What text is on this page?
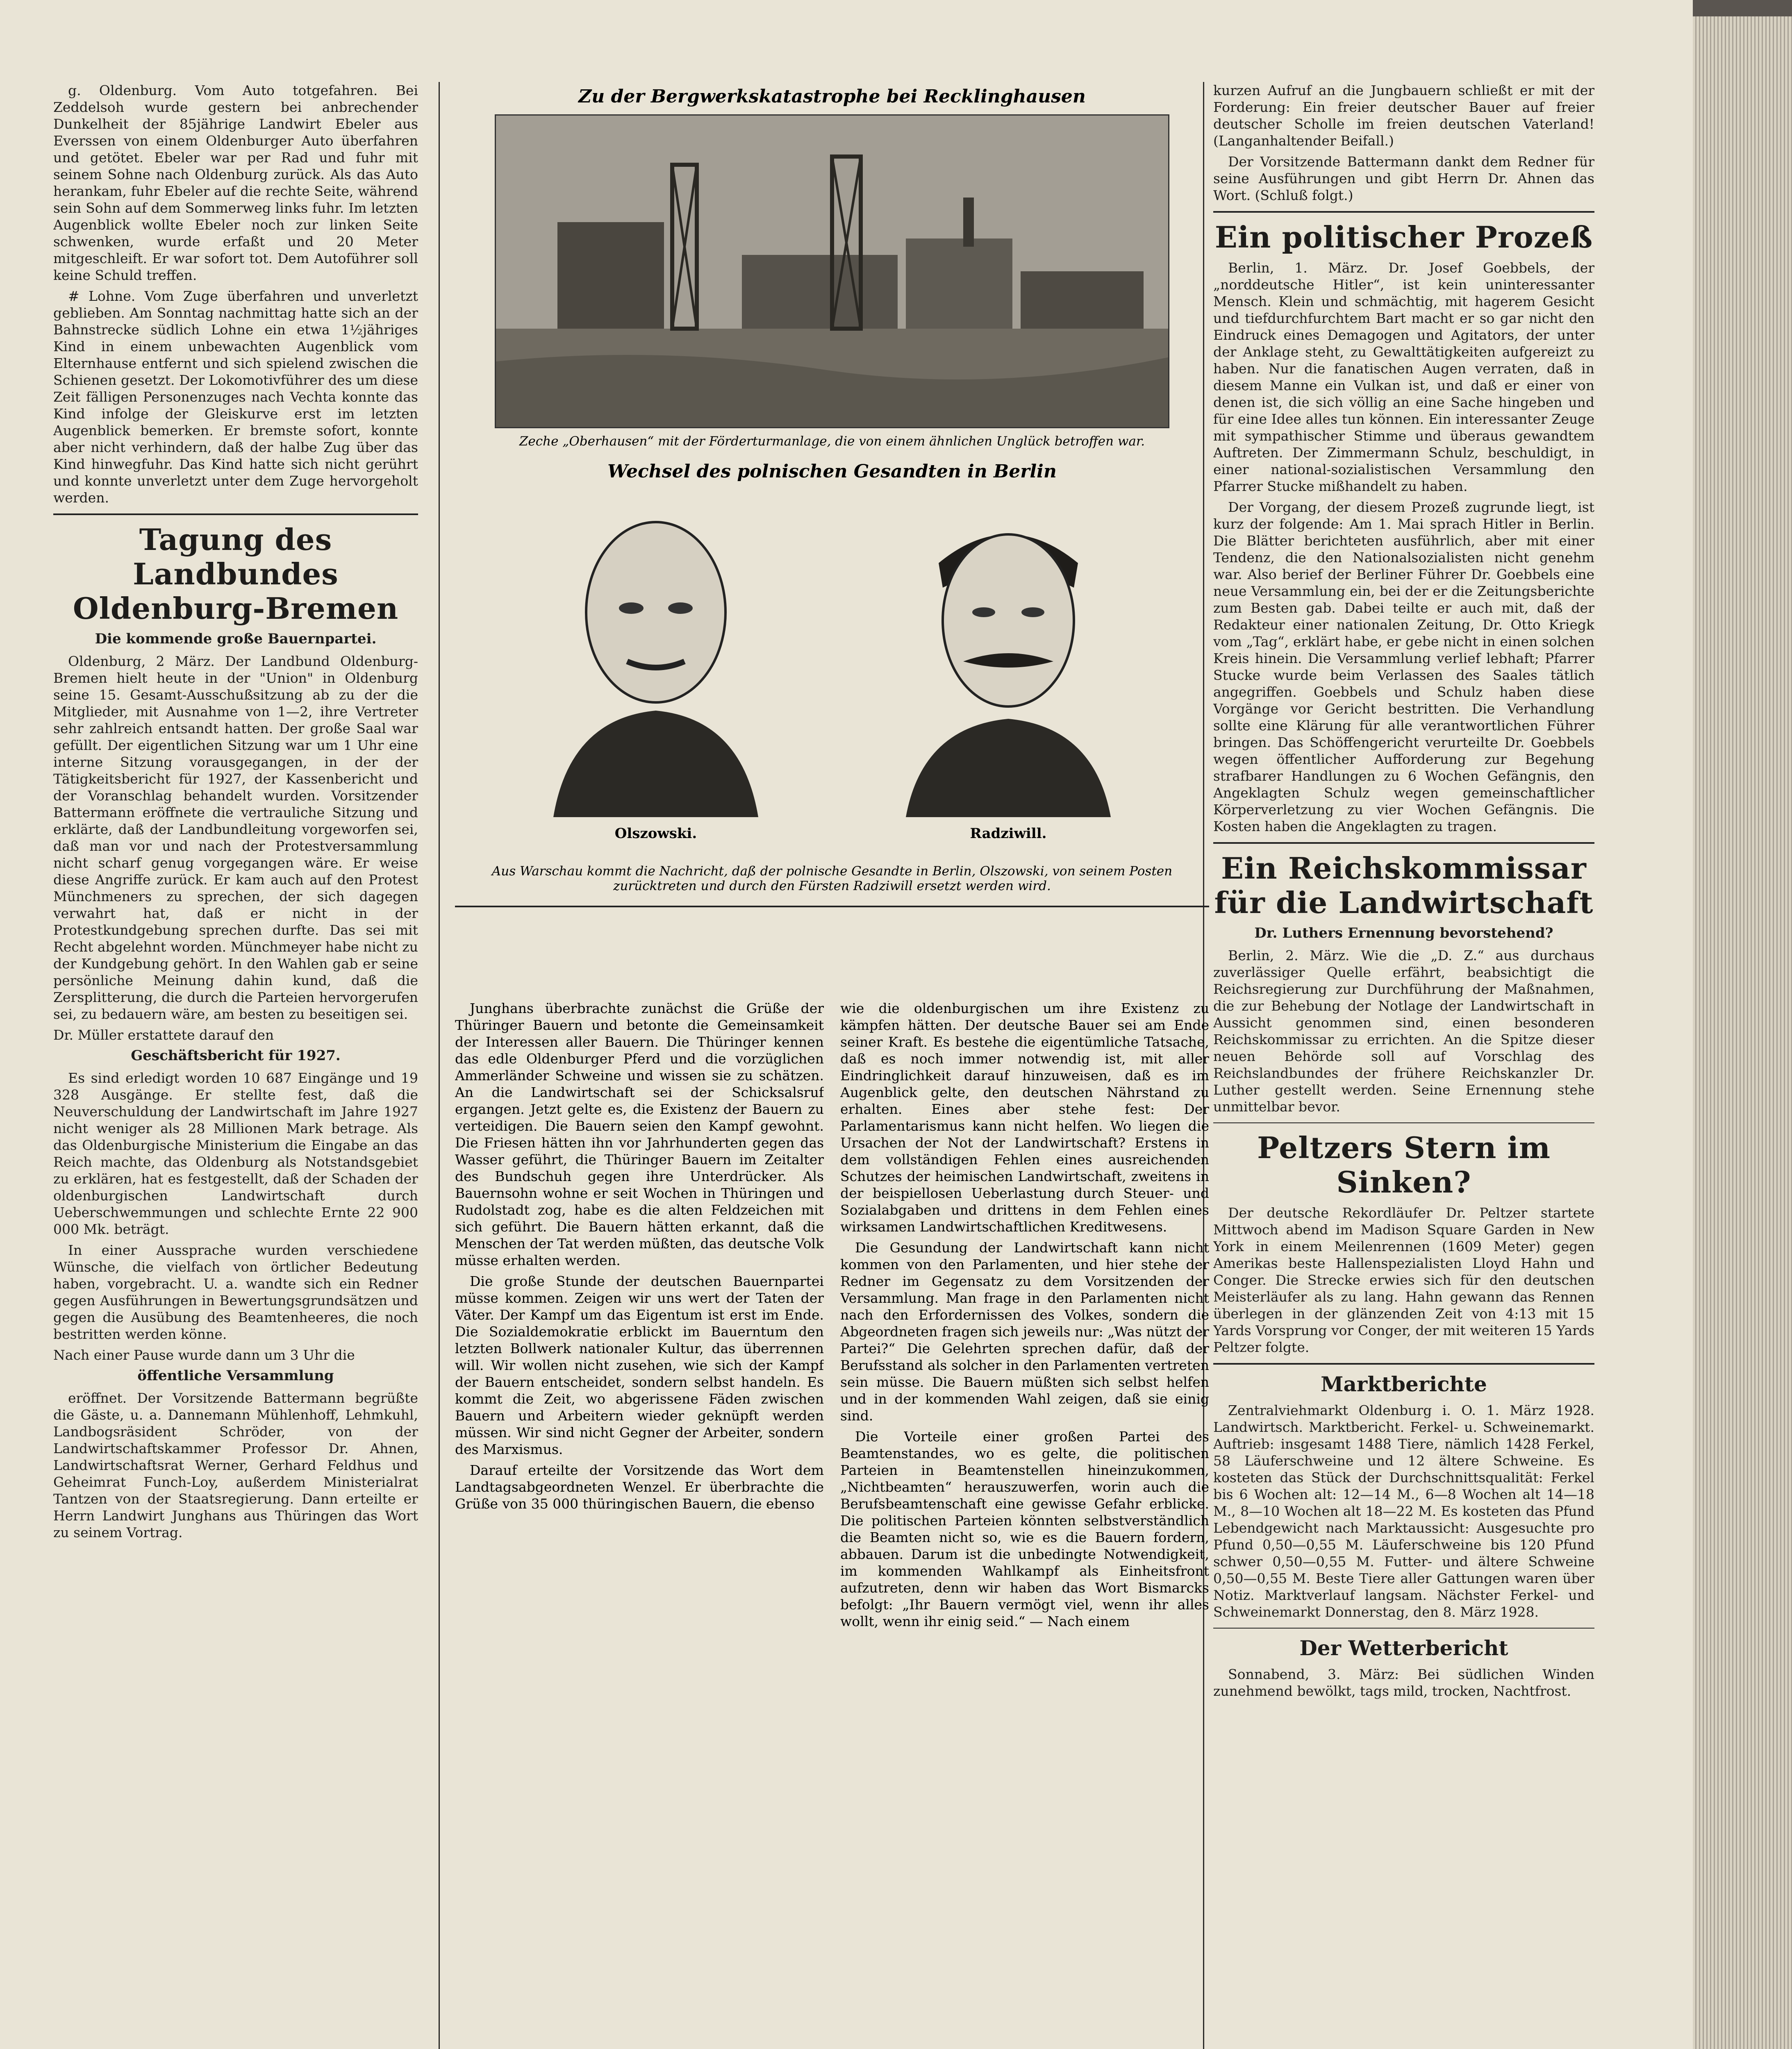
g. Oldenburg. Vom Auto totgefahren. Bei Zeddelsoh wurde gestern bei anbrechender Dunkelheit der 85jährige Landwirt Ebeler aus Everssen von einem Oldenburger Auto überfahren und getötet. Ebeler war per Rad und fuhr mit seinem Sohne nach Oldenburg zurück. Als das Auto herankam, fuhr Ebeler auf die rechte Seite, während sein Sohn auf dem Sommerweg links fuhr. Im letzten Augenblick wollte Ebeler noch zur linken Seite schwenken, wurde erfaßt und 20 Meter mitgeschleift. Er war sofort tot. Dem Autoführer soll keine Schuld treffen.

# Lohne. Vom Zuge überfahren und unverletzt geblieben. Am Sonntag nachmittag hatte sich an der Bahnstrecke südlich Lohne ein etwa 1½jähriges Kind in einem unbewachten Augenblick vom Elternhause entfernt und sich spielend zwischen die Schienen gesetzt. Der Lokomotivführer des um diese Zeit fälligen Personenzuges nach Vechta konnte das Kind infolge der Gleiskurve erst im letzten Augenblick bemerken. Er bremste sofort, konnte aber nicht verhindern, daß der halbe Zug über das Kind hinwegfuhr. Das Kind hatte sich nicht gerührt und konnte unverletzt unter dem Zuge hervorgeholt werden.

Tagung des Landbundes Oldenburg-Bremen
Die kommende große Bauernpartei.

Oldenburg, 2 März. Der Landbund Oldenburg-Bremen hielt heute in der "Union" in Oldenburg seine 15. Gesamt-Ausschußsitzung ab zu der die Mitglieder, mit Ausnahme von 1—2, ihre Vertreter sehr zahlreich entsandt hatten. Der große Saal war gefüllt. Der eigentlichen Sitzung war um 1 Uhr eine interne Sitzung vorausgegangen, in der der Tätigkeitsbericht für 1927, der Kassenbericht und der Voranschlag behandelt wurden. Vorsitzender Battermann eröffnete die vertrauliche Sitzung und erklärte, daß der Landbundleitung vorgeworfen sei, daß man vor und nach der Protestversammlung nicht scharf genug vorgegangen wäre. Er weise diese Angriffe zurück. Er kam auch auf den Protest Münchmeners zu sprechen, der sich dagegen verwahrt hat, daß er nicht in der Protestkundgebung sprechen durfte. Das sei mit Recht abgelehnt worden. Münchmeyer habe nicht zu der Kundgebung gehört. In den Wahlen gab er seine persönliche Meinung dahin kund, daß die Zersplitterung, die durch die Parteien hervorgerufen sei, zu bedauern wäre, am besten zu beseitigen sei.

Dr. Müller erstattete darauf den

Geschäftsbericht für 1927.

Es sind erledigt worden 10 687 Eingänge und 19 328 Ausgänge. Er stellte fest, daß die Neuverschuldung der Landwirtschaft im Jahre 1927 nicht weniger als 28 Millionen Mark betrage. Als das Oldenburgische Ministerium die Eingabe an das Reich machte, das Oldenburg als Notstandsgebiet zu erklären, hat es festgestellt, daß der Schaden der oldenburgischen Landwirtschaft durch Ueberschwemmungen und schlechte Ernte 22 900 000 Mk. beträgt.

In einer Aussprache wurden verschiedene Wünsche, die vielfach von örtlicher Bedeutung haben, vorgebracht. U. a. wandte sich ein Redner gegen Ausführungen in Bewertungsgrundsätzen und gegen die Ausübung des Beamtenheeres, die noch bestritten werden könne.

Nach einer Pause wurde dann um 3 Uhr die

öffentliche Versammlung

eröffnet. Der Vorsitzende Battermann begrüßte die Gäste, u. a. Dannemann Mühlenhoff, Lehmkuhl, Landbogsräsident Schröder, von der Landwirtschaftskammer Professor Dr. Ahnen, Landwirtschaftsrat Werner, Gerhard Feldhus und Geheimrat Funch-Loy, außerdem Ministerialrat Tantzen von der Staatsregierung. Dann erteilte er Herrn Landwirt Junghans aus Thüringen das Wort zu seinem Vortrag.

Zu der Bergwerkskatastrophe bei Recklinghausen
Zeche „Oberhausen“ mit der Förderturmanlage, die von einem ähnlichen Unglück betroffen war.
Wechsel des polnischen Gesandten in Berlin
Olszowski.	Radziwill.
Aus Warschau kommt die Nachricht, daß der polnische Gesandte in Berlin, Olszowski, von seinem Posten zurücktreten und durch den Fürsten Radziwill ersetzt werden wird.

Junghans überbrachte zunächst die Grüße der Thüringer Bauern und betonte die Gemeinsamkeit der Interessen aller Bauern. Die Thüringer kennen das edle Oldenburger Pferd und die vorzüglichen Ammerländer Schweine und wissen sie zu schätzen. An die Landwirtschaft sei der Schicksalsruf ergangen. Jetzt gelte es, die Existenz der Bauern zu verteidigen. Die Bauern seien den Kampf gewohnt. Die Friesen hätten ihn vor Jahrhunderten gegen das Wasser geführt, die Thüringer Bauern im Zeitalter des Bundschuh gegen ihre Unterdrücker. Als Bauernsohn wohne er seit Wochen in Thüringen und Rudolstadt zog, habe es die alten Feldzeichen mit sich geführt. Die Bauern hätten erkannt, daß die Menschen der Tat werden müßten, das deutsche Volk müsse erhalten werden.

Die große Stunde der deutschen Bauernpartei müsse kommen. Zeigen wir uns wert der Taten der Väter. Der Kampf um das Eigentum ist erst im Ende. Die Sozialdemokratie erblickt im Bauerntum den letzten Bollwerk nationaler Kultur, das überrennen will. Wir wollen nicht zusehen, wie sich der Kampf der Bauern entscheidet, sondern selbst handeln. Es kommt die Zeit, wo abgerissene Fäden zwischen Bauern und Arbeitern wieder geknüpft werden müssen. Wir sind nicht Gegner der Arbeiter, sondern des Marxismus.

Darauf erteilte der Vorsitzende das Wort dem Landtagsabgeordneten Wenzel. Er überbrachte die Grüße von 35 000 thüringischen Bauern, die ebenso

wie die oldenburgischen um ihre Existenz zu kämpfen hätten. Der deutsche Bauer sei am Ende seiner Kraft. Es bestehe die eigentümliche Tatsache, daß es noch immer notwendig ist, mit aller Eindringlichkeit darauf hinzuweisen, daß es im Augenblick gelte, den deutschen Nährstand zu erhalten. Eines aber stehe fest: Der Parlamentarismus kann nicht helfen. Wo liegen die Ursachen der Not der Landwirtschaft? Erstens in dem vollständigen Fehlen eines ausreichenden Schutzes der heimischen Landwirtschaft, zweitens in der beispiellosen Ueberlastung durch Steuer- und Sozialabgaben und drittens in dem Fehlen eines wirksamen Landwirtschaftlichen Kreditwesens.

Die Gesundung der Landwirtschaft kann nicht kommen von den Parlamenten, und hier stehe der Redner im Gegensatz zu dem Vorsitzenden der Versammlung. Man frage in den Parlamenten nicht nach den Erfordernissen des Volkes, sondern die Abgeordneten fragen sich jeweils nur: „Was nützt der Partei?“ Die Gelehrten sprechen dafür, daß der Berufsstand als solcher in den Parlamenten vertreten sein müsse. Die Bauern müßten sich selbst helfen und in der kommenden Wahl zeigen, daß sie einig sind.

Die Vorteile einer großen Partei des Beamtenstandes, wo es gelte, die politischen Parteien in Beamtenstellen hineinzukommen, „Nichtbeamten“ herauszuwerfen, worin auch die Berufsbeamtenschaft eine gewisse Gefahr erblicke. Die politischen Parteien könnten selbstverständlich die Beamten nicht so, wie es die Bauern fordern, abbauen. Darum ist die unbedingte Notwendigkeit, im kommenden Wahlkampf als Einheitsfront aufzutreten, denn wir haben das Wort Bismarcks befolgt: „Ihr Bauern vermögt viel, wenn ihr alles wollt, wenn ihr einig seid.“ — Nach einem

kurzen Aufruf an die Jungbauern schließt er mit der Forderung: Ein freier deutscher Bauer auf freier deutscher Scholle im freien deutschen Vaterland! (Langanhaltender Beifall.)

Der Vorsitzende Battermann dankt dem Redner für seine Ausführungen und gibt Herrn Dr. Ahnen das Wort. (Schluß folgt.)

Ein politischer Prozeß

Berlin, 1. März. Dr. Josef Goebbels, der „norddeutsche Hitler“, ist kein uninteressanter Mensch. Klein und schmächtig, mit hagerem Gesicht und tiefdurchfurchtem Bart macht er so gar nicht den Eindruck eines Demagogen und Agitators, der unter der Anklage steht, zu Gewalttätigkeiten aufgereizt zu haben. Nur die fanatischen Augen verraten, daß in diesem Manne ein Vulkan ist, und daß er einer von denen ist, die sich völlig an eine Sache hingeben und für eine Idee alles tun können. Ein interessanter Zeuge mit sympathischer Stimme und überaus gewandtem Auftreten. Der Zimmermann Schulz, beschuldigt, in einer national-sozialistischen Versammlung den Pfarrer Stucke mißhandelt zu haben.

Der Vorgang, der diesem Prozeß zugrunde liegt, ist kurz der folgende: Am 1. Mai sprach Hitler in Berlin. Die Blätter berichteten ausführlich, aber mit einer Tendenz, die den Nationalsozialisten nicht genehm war. Also berief der Berliner Führer Dr. Goebbels eine neue Versammlung ein, bei der er die Zeitungsberichte zum Besten gab. Dabei teilte er auch mit, daß der Redakteur einer nationalen Zeitung, Dr. Otto Kriegk vom „Tag“, erklärt habe, er gebe nicht in einen solchen Kreis hinein. Die Versammlung verlief lebhaft; Pfarrer Stucke wurde beim Verlassen des Saales tätlich angegriffen. Goebbels und Schulz haben diese Vorgänge vor Gericht bestritten. Die Verhandlung sollte eine Klärung für alle verantwortlichen Führer bringen. Das Schöffengericht verurteilte Dr. Goebbels wegen öffentlicher Aufforderung zur Begehung strafbarer Handlungen zu 6 Wochen Gefängnis, den Angeklagten Schulz wegen gemeinschaftlicher Körperverletzung zu vier Wochen Gefängnis. Die Kosten haben die Angeklagten zu tragen.

Ein Reichskommissar für die Landwirtschaft
Dr. Luthers Ernennung bevorstehend?

Berlin, 2. März. Wie die „D. Z.“ aus durchaus zuverlässiger Quelle erfährt, beabsichtigt die Reichsregierung zur Durchführung der Maßnahmen, die zur Behebung der Notlage der Landwirtschaft in Aussicht genommen sind, einen besonderen Reichskommissar zu errichten. An die Spitze dieser neuen Behörde soll auf Vorschlag des Reichslandbundes der frühere Reichskanzler Dr. Luther gestellt werden. Seine Ernennung stehe unmittelbar bevor.

Peltzers Stern im Sinken?

Der deutsche Rekordläufer Dr. Peltzer startete Mittwoch abend im Madison Square Garden in New York in einem Meilenrennen (1609 Meter) gegen Amerikas beste Hallenspezialisten Lloyd Hahn und Conger. Die Strecke erwies sich für den deutschen Meisterläufer als zu lang. Hahn gewann das Rennen überlegen in der glänzenden Zeit von 4:13 mit 15 Yards Vorsprung vor Conger, der mit weiteren 15 Yards Peltzer folgte.

Marktberichte

Zentralviehmarkt Oldenburg i. O. 1. März 1928. Landwirtsch. Marktbericht. Ferkel- u. Schweinemarkt. Auftrieb: insgesamt 1488 Tiere, nämlich 1428 Ferkel, 58 Läuferschweine und 12 ältere Schweine. Es kosteten das Stück der Durchschnittsqualität: Ferkel bis 6 Wochen alt: 12—14 M., 6—8 Wochen alt 14—18 M., 8—10 Wochen alt 18—22 M. Es kosteten das Pfund Lebendgewicht nach Marktaussicht: Ausgesuchte pro Pfund 0,50—0,55 M. Läuferschweine bis 120 Pfund schwer 0,50—0,55 M. Futter- und ältere Schweine 0,50—0,55 M. Beste Tiere aller Gattungen waren über Notiz. Marktverlauf langsam. Nächster Ferkel- und Schweinemarkt Donnerstag, den 8. März 1928.

Der Wetterbericht

Sonnabend, 3. März: Bei südlichen Winden zunehmend bewölkt, tags mild, trocken, Nachtfrost.
